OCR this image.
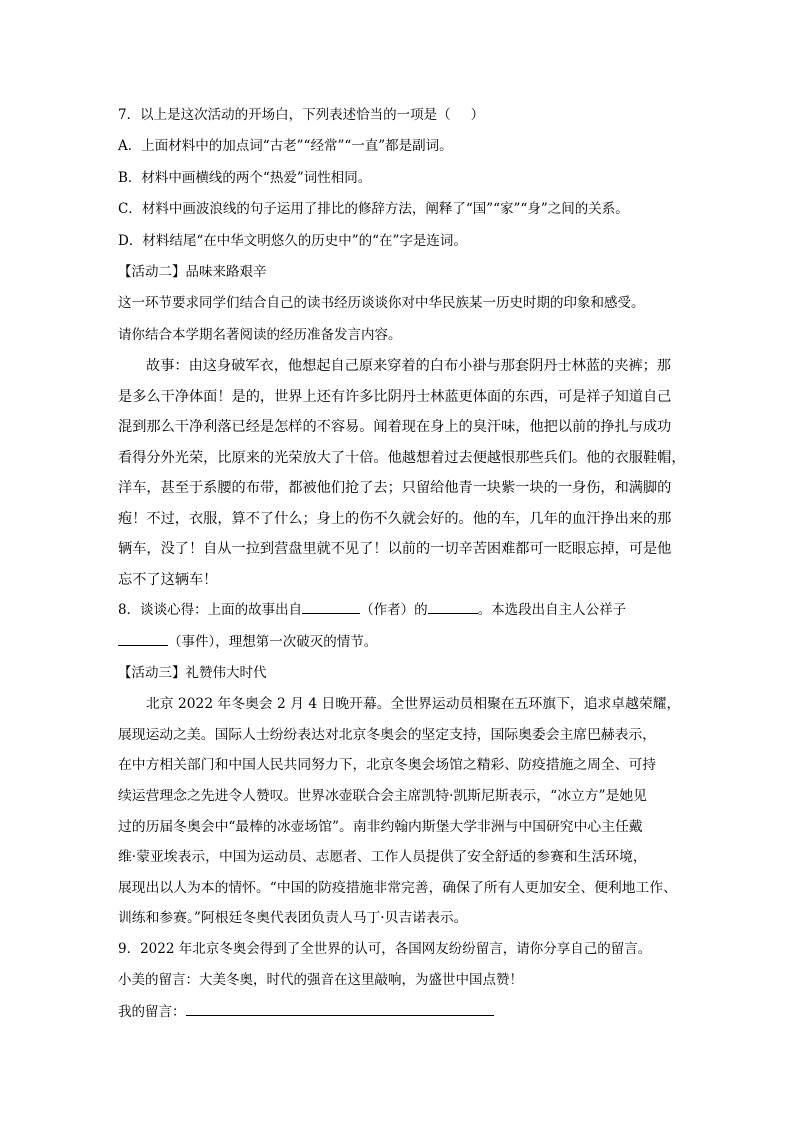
7．以上是这次活动的开场白，下列表述恰当的一项是（ ）
A．上面材料中的加点词“古老”“经常”“一直”都是副词。
B．材料中画横线的两个“热爱”词性相同。
C．材料中画波浪线的句子运用了排比的修辞方法，阐释了“国”“家”“身”之间的关系。
D．材料结尾“在中华文明悠久的历史中”的“在”字是连词。
【活动二】品味来路艰辛
这一环节要求同学们结合自己的读书经历谈谈你对中华民族某一历史时期的印象和感受。
请你结合本学期名著阅读的经历准备发言内容。
故事：由这身破军衣，他想起自己原来穿着的白布小褂与那套阴丹士林蓝的夹裤；那
是多么干净体面！是的，世界上还有许多比阴丹士林蓝更体面的东西，可是祥子知道自己
混到那么干净利落已经是怎样的不容易。闻着现在身上的臭汗味，他把以前的挣扎与成功
看得分外光荣，比原来的光荣放大了十倍。他越想着过去便越恨那些兵们。他的衣服鞋帽，
洋车，甚至于系腰的布带，都被他们抢了去；只留给他青一块紫一块的一身伤，和满脚的
疱！不过，衣服，算不了什么；身上的伤不久就会好的。他的车，几年的血汗挣出来的那
辆车，没了！自从一拉到营盘里就不见了！以前的一切辛苦困难都可一眨眼忘掉，可是他
忘不了这辆车！
8．谈谈心得：上面的故事出自	（作者）的	。本选段出自主人公祥子
（事件），理想第一次破灭的情节。
【活动三】礼赞伟大时代
北京 2022 年冬奥会 2 月 4 日晚开幕。全世界运动员相聚在五环旗下，追求卓越荣耀，
展现运动之美。国际人士纷纷表达对北京冬奥会的坚定支持，国际奥委会主席巴赫表示，
在中方相关部门和中国人民共同努力下，北京冬奥会场馆之精彩、防疫措施之周全、可持
续运营理念之先进令人赞叹。世界冰壶联合会主席凯特·凯斯尼斯表示，“冰立方”是她见
过的历届冬奥会中“最棒的冰壶场馆”。南非约翰内斯堡大学非洲与中国研究中心主任戴
维·蒙亚埃表示，中国为运动员、志愿者、工作人员提供了安全舒适的参赛和生活环境，
展现出以人为本的情怀。“中国的防疫措施非常完善，确保了所有人更加安全、便利地工作、
训练和参赛。”阿根廷冬奥代表团负责人马丁·贝吉诺表示。
9．2022 年北京冬奥会得到了全世界的认可，各国网友纷纷留言，请你分享自己的留言。
小美的留言：大美冬奥，时代的强音在这里敲响，为盛世中国点赞！
我的留言：
